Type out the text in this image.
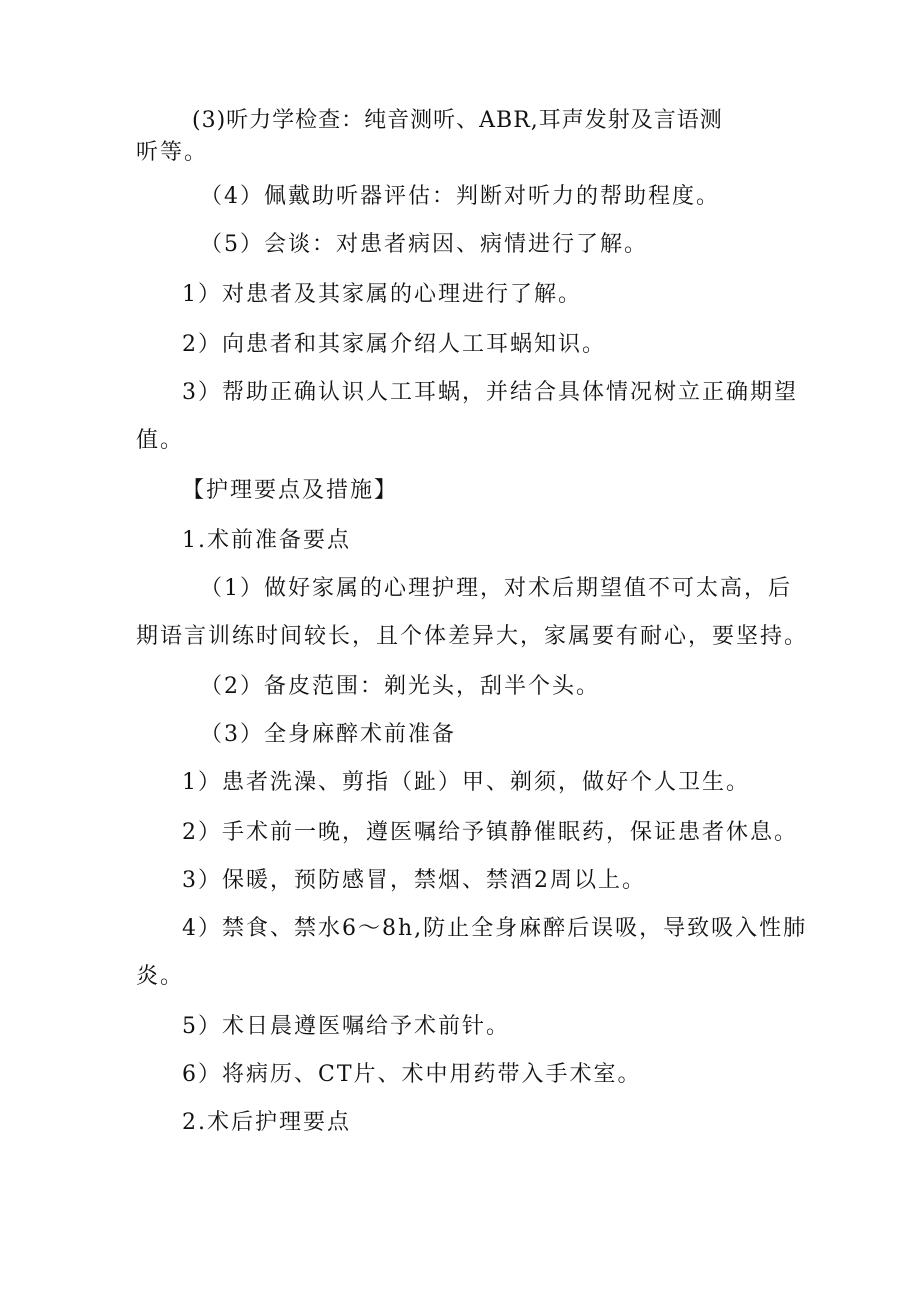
(3)听力学检查：纯音测听、ABR,耳声发射及言语测
听等。
（4）佩戴助听器评估：判断对听力的帮助程度。
（5）会谈：对患者病因、病情进行了解。
1）对患者及其家属的心理进行了解。
2）向患者和其家属介绍人工耳蜗知识。
3）帮助正确认识人工耳蜗，并结合具体情况树立正确期望
值。
【护理要点及措施】
1.术前准备要点
（1）做好家属的心理护理，对术后期望值不可太高，后
期语言训练时间较长，且个体差异大，家属要有耐心，要坚持。
（2）备皮范围：剃光头，刮半个头。
（3）全身麻醉术前准备
1）患者洗澡、剪指（趾）甲、剃须，做好个人卫生。
2）手术前一晚，遵医嘱给予镇静催眠药，保证患者休息。
3）保暖，预防感冒，禁烟、禁酒2周以上。
4）禁食、禁水6～8h,防止全身麻醉后误吸，导致吸入性肺
炎。
5）术日晨遵医嘱给予术前针。
6）将病历、CT片、术中用药带入手术室。
2.术后护理要点
